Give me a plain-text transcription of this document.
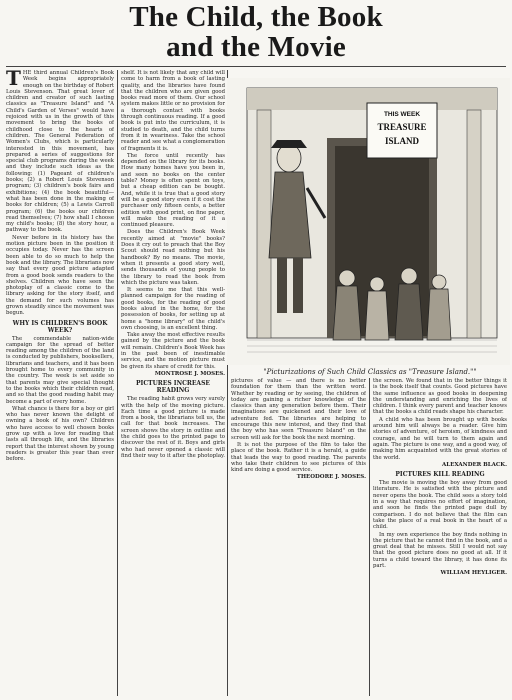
The Child, the Book
and the Movie

THE third annual Children's Book Week begins appropriately enough on the birthday of Robert Louis Stevenson. That great lover of children and creator of such lasting classics as "Treasure Island" and "A Child's Garden of Verses" would have rejoiced with us in the growth of this movement to bring the books of childhood close to the hearts of children. The General Federation of Women's Clubs, which is particularly interested in this movement, has prepared a series of suggestions for special club programs during the week and they include such ideas as the following: (1) Pageant of children's books; (2) a Robert Louis Stevenson program; (3) children's book fairs and exhibitions; (4) the book beautiful—what has been done in the making of books for children; (5) a Lewis Carroll program; (6) the books our children read themselves; (7) how shall I choose my child's books; (8) the story hour, a pathway to the book.

Never before in its history has the motion picture been in the position it occupies today. Never has the screen been able to do so much to help the book and the library. The librarians now say that every good picture adapted from a good book sends readers to the shelves. Children who have seen the photoplay of a classic come to the library asking for the story itself, and the demand for such volumes has grown steadily since the movement was begun.

WHY IS CHILDREN'S BOOK WEEK?

The commendable nation-wide campaign for the spread of better reading among the children of the land is conducted by publishers, booksellers, librarians and teachers, and it has been brought home to every community in the country. The week is set aside so that parents may give special thought to the books which their children read, and so that the good reading habit may become a part of every home.

What chance is there for a boy or girl who has never known the delight of owning a book of his own? Children who have access to well chosen books grow up with a love for reading that lasts all through life, and the libraries report that the interest shown by young readers is greater this year than ever before.

shelf. It is not likely that any child will come to harm from a book of lasting quality, and the libraries have found that the children who are given good books read more of them. Our school system makes little or no provision for a thorough contact with books through continuous reading. If a good book is put into the curriculum, it is studied to death, and the child turns from it in weariness. Take the school reader and see what a conglomeration of fragments it is.

The force until recently has depended on the library for its books. How many homes have you been in, and seen no books on the center table? Money is often spent on toys, but a cheap edition can be bought. And, while it is true that a good story will be a good story even if it cost the purchaser only fifteen cents, a better edition with good print, on fine paper, will make the reading of it a continued pleasure.

Does the Children's Book Week recently aimed at "movie" books? Does it cry out to preach that the Boy Scout should read nothing but his handbook? By no means. The movie, when it presents a good story well, sends thousands of young people to the library to read the book from which the picture was taken.

It seems to me that this well-planned campaign for the reading of good books, for the reading of good books aloud in the home, for the possession of books, for setting up at home a "home library" of the child's own choosing, is an excellent thing.

Take away the most effective results gained by the picture and the book will remain. Children's Book Week has in the past been of inestimable service, and the motion picture must be given its share of credit for this.

MONTROSE J. MOSES.
PICTURES INCREASE READING

The reading habit grows very surely with the help of the moving picture. Each time a good picture is made from a book, the librarians tell us, the call for that book increases. The screen shows the story in outline and the child goes to the printed page to discover the rest of it. Boys and girls who had never opened a classic will find their way to it after the photoplay.

THIS WEEK
TREASURE
ISLAND
"Picturizations of Such Child Classics as "Treasure Island.""

pictures of value — and there is no better foundation for them than the written word. Whether by reading or by seeing, the children of today are gaining a richer knowledge of the classics than any generation before them. Their imaginations are quickened and their love of adventure fed. The libraries are helping to encourage this new interest, and they find that the boy who has seen "Treasure Island" on the screen will ask for the book the next morning.

It is not the purpose of the film to take the place of the book. Rather it is a herald, a guide that leads the way to good reading. The parents who take their children to see pictures of this kind are doing a good service.

THEODORE J. MOSES.

the screen. We found that in the better things it is the book itself that counts. Good pictures have the same influence as good books in deepening the understanding and enriching the lives of children. I think every parent and teacher knows that the books a child reads shape his character.

A child who has been brought up with books around him will always be a reader. Give him stories of adventure, of heroism, of kindness and courage, and he will turn to them again and again. The picture is one way, and a good way, of making him acquainted with the great stories of the world.

ALEXANDER BLACK.
PICTURES KILL READING

The movie is moving the boy away from good literature. He is satisfied with the picture and never opens the book. The child sees a story told in a way that requires no effort of imagination, and soon he finds the printed page dull by comparison. I do not believe that the film can take the place of a real book in the heart of a child.

In my own experience the boy finds nothing in the picture that he cannot find in the book, and a great deal that he misses. Still I would not say that the good picture does no good at all. If it turns a child toward the library, it has done its part.

WILLIAM HEYLIGER.
